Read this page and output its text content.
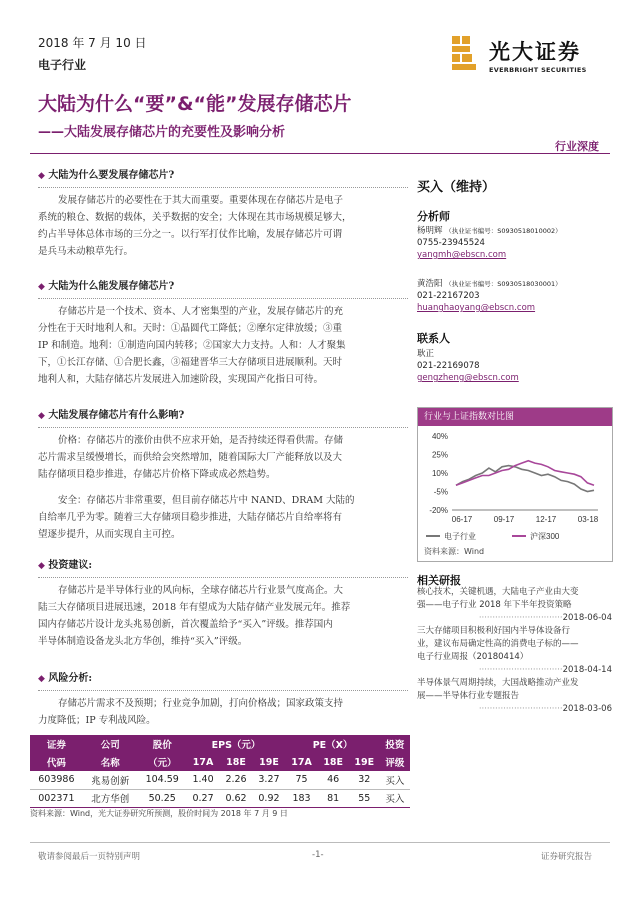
2018 年 7 月 10 日
电子行业
光大证券
EVERBRIGHT SECURITIES
大陆为什么“要”&“能”发展存储芯片
——大陆发展存储芯片的充要性及影响分析
行业深度
◆ 大陆为什么要发展存储芯片?
发展存储芯片的必要性在于其大而重要。重要体现在存储芯片是电子
系统的粮仓、数据的载体，关乎数据的安全；大体现在其市场规模足够大，
约占半导体总体市场的三分之一。以行军打仗作比喻，发展存储芯片可谓
是兵马未动粮草先行。
◆ 大陆为什么能发展存储芯片?
存储芯片是一个技术、资本、人才密集型的产业，发展存储芯片的充
分性在于天时地利人和。天时：①晶圆代工降低；②摩尔定律放缓；③重
IP 和制造。地利：①制造向国内转移；②国家大力支持。人和：人才聚集
下，①长江存储、①合肥长鑫，③福建晋华三大存储项目进展顺利。天时
地利人和，大陆存储芯片发展进入加速阶段，实现国产化指日可待。
◆ 大陆发展存储芯片有什么影响?
价格：存储芯片的涨价由供不应求开始，是否持续还得看供需。存储
芯片需求呈缓慢增长，而供给会突然增加，随着国际大厂产能释放以及大
陆存储项目稳步推进，存储芯片价格下降或成必然趋势。
安全：存储芯片非常重要，但目前存储芯片中 NAND、DRAM 大陆的
自给率几乎为零。随着三大存储项目稳步推进，大陆存储芯片自给率将有
望逐步提升，从而实现自主可控。
◆ 投资建议:
存储芯片是半导体行业的风向标，全球存储芯片行业景气度高企。大
陆三大存储项目进展迅速，2018 年有望成为大陆存储产业发展元年。推荐
国内存储芯片设计龙头兆易创新，首次覆盖给予“买入”评级。推荐国内
半导体制造设备龙头北方华创，维持“买入”评级。
◆ 风险分析:
存储芯片需求不及预期；行业竞争加剧，打向价格战；国家政策支持
力度降低；IP 专利战风险。
证券	公司	股价	EPS（元）			PE（X）			投资
代码	名称	（元）	17A	18E	19E	17A	18E	19E	评级
603986	兆易创新	104.59	1.40	2.26	3.27	75	46	32	买入
002371	北方华创	50.25	0.27	0.62	0.92	183	81	55	买入
资料来源：Wind，光大证券研究所预测，股价时间为 2018 年 7 月 9 日
买入（维持）
分析师
杨明辉 （执业证书编号：S0930518010002）
0755-23945524
yangmh@ebscn.com
黄浩阳 （执业证书编号：S0930518030001）
021-22167203
huanghaoyang@ebscn.com
联系人
耿正
021-22169078
gengzheng@ebscn.com
行业与上证指数对比图
40%
25%
10%
-5%
-20%
06-17	09-17	12-17	03-18
电子行业	沪深300
资料来源：Wind
相关研报
核心技术，关键机遇，大陆电子产业由大变
强——电子行业 2018 年下半年投资策略
·······························2018-06-04
三大存储项目积极利好国内半导体设备行
业，建议布局确定性高的消费电子标的——
电子行业周报（20180414）
·······························2018-04-14
半导体景气周期持续，大国战略推动产业发
展——半导体行业专题报告
·······························2018-03-06
敬请参阅最后一页特别声明	-1-	证券研究报告
